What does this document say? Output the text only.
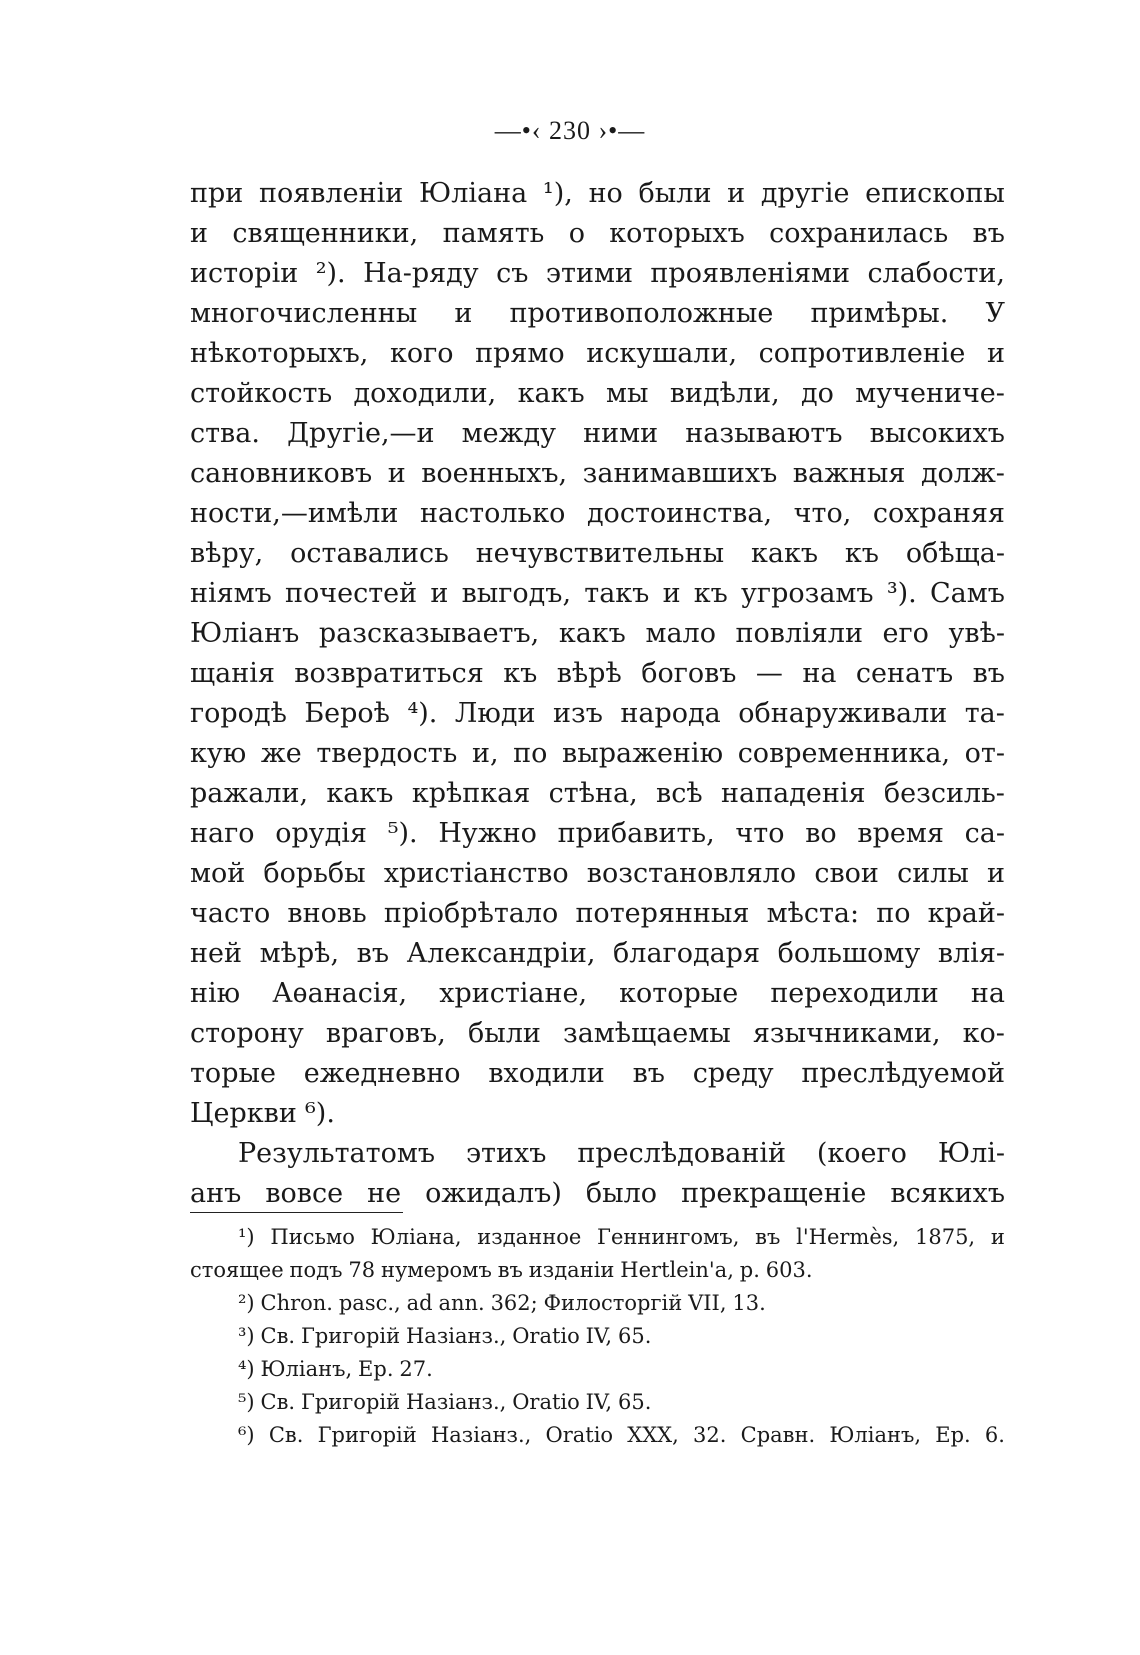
—•‹ 230 ›•—
при появленіи Юліана ¹), но были и другіе епископы
и священники, память о которыхъ сохранилась въ
исторіи ²). На-ряду съ этими проявленіями слабости,
многочисленны и противоположные примѣры. У
нѣкоторыхъ, кого прямо искушали, сопротивленіе и
стойкость доходили, какъ мы видѣли, до мученичe-
ства. Другіе,—и между ними называютъ высокихъ
сановниковъ и военныхъ, занимавшихъ важныя долж-
ности,—имѣли настолько достоинства, что, сохраняя
вѣру, оставались нечувствительны какъ къ обѣща-
ніямъ почестей и выгодъ, такъ и къ угрозамъ ³). Самъ
Юліанъ разсказываетъ, какъ мало повліяли его увѣ-
щанія возвратиться къ вѣрѣ боговъ — на сенатъ въ
городѣ Бероѣ ⁴). Люди изъ народа обнаруживали та-
кую же твердость и, по выраженію современника, от-
ражали, какъ крѣпкая стѣна, всѣ нападенія безсиль-
наго орудія ⁵). Нужно прибавить, что во время са-
мой борьбы христіанство возстановляло свои силы и
часто вновь пріобрѣтало потерянныя мѣста: по край-
ней мѣрѣ, въ Александріи, благодаря большому влія-
нію Аѳанасія, христіане, которые переходили на
сторону враговъ, были замѣщаемы язычниками, ко-
торые ежедневно входили въ среду преслѣдуемой
Церкви ⁶).
Результатомъ этихъ преслѣдованій (коего Юлі-
анъ вовсе не ожидалъ) было прекращеніе всякихъ
¹) Письмо Юліана, изданное Геннингомъ, въ l'Hermès, 1875, и
стоящее подъ 78 нумеромъ въ изданіи Hertlein'a, p. 603.
²) Chron. pasc., ad ann. 362; Филосторгій VII, 13.
³) Св. Григорій Назіанз., Oratio IV, 65.
⁴) Юліанъ, Ep. 27.
⁵) Св. Григорій Назіанз., Oratio IV, 65.
⁶) Св. Григорій Назіанз., Oratio XXX, 32. Сравн. Юліанъ, Ep. 6.
